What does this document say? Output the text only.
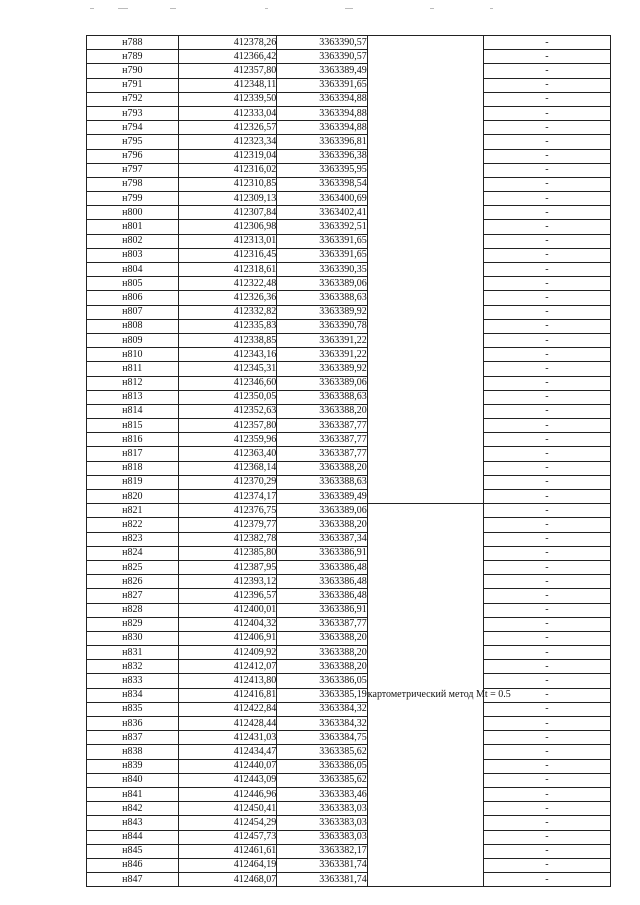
н788	412378,26	3363390,57		-
н789	412366,42	3363390,57		-
н790	412357,80	3363389,49		-
н791	412348,11	3363391,65		-
н792	412339,50	3363394,88		-
н793	412333,04	3363394,88		-
н794	412326,57	3363394,88		-
н795	412323,34	3363396,81		-
н796	412319,04	3363396,38		-
н797	412316,02	3363395,95		-
н798	412310,85	3363398,54		-
н799	412309,13	3363400,69		-
н800	412307,84	3363402,41		-
н801	412306,98	3363392,51		-
н802	412313,01	3363391,65		-
н803	412316,45	3363391,65		-
н804	412318,61	3363390,35		-
н805	412322,48	3363389,06		-
н806	412326,36	3363388,63		-
н807	412332,82	3363389,92		-
н808	412335,83	3363390,78		-
н809	412338,85	3363391,22		-
н810	412343,16	3363391,22		-
н811	412345,31	3363389,92		-
н812	412346,60	3363389,06		-
н813	412350,05	3363388,63		-
н814	412352,63	3363388,20		-
н815	412357,80	3363387,77		-
н816	412359,96	3363387,77		-
н817	412363,40	3363387,77		-
н818	412368,14	3363388,20		-
н819	412370,29	3363388,63		-
н820	412374,17	3363389,49		-
н821	412376,75	3363389,06	картометрический метод Mt = 0.5	-
н822	412379,77	3363388,20		-
н823	412382,78	3363387,34		-
н824	412385,80	3363386,91		-
н825	412387,95	3363386,48		-
н826	412393,12	3363386,48		-
н827	412396,57	3363386,48		-
н828	412400,01	3363386,91		-
н829	412404,32	3363387,77		-
н830	412406,91	3363388,20		-
н831	412409,92	3363388,20		-
н832	412412,07	3363388,20		-
н833	412413,80	3363386,05		-
н834	412416,81	3363385,19		-
н835	412422,84	3363384,32		-
н836	412428,44	3363384,32		-
н837	412431,03	3363384,75		-
н838	412434,47	3363385,62		-
н839	412440,07	3363386,05		-
н840	412443,09	3363385,62		-
н841	412446,96	3363383,46		-
н842	412450,41	3363383,03		-
н843	412454,29	3363383,03		-
н844	412457,73	3363383,03		-
н845	412461,61	3363382,17		-
н846	412464,19	3363381,74		-
н847	412468,07	3363381,74		-
